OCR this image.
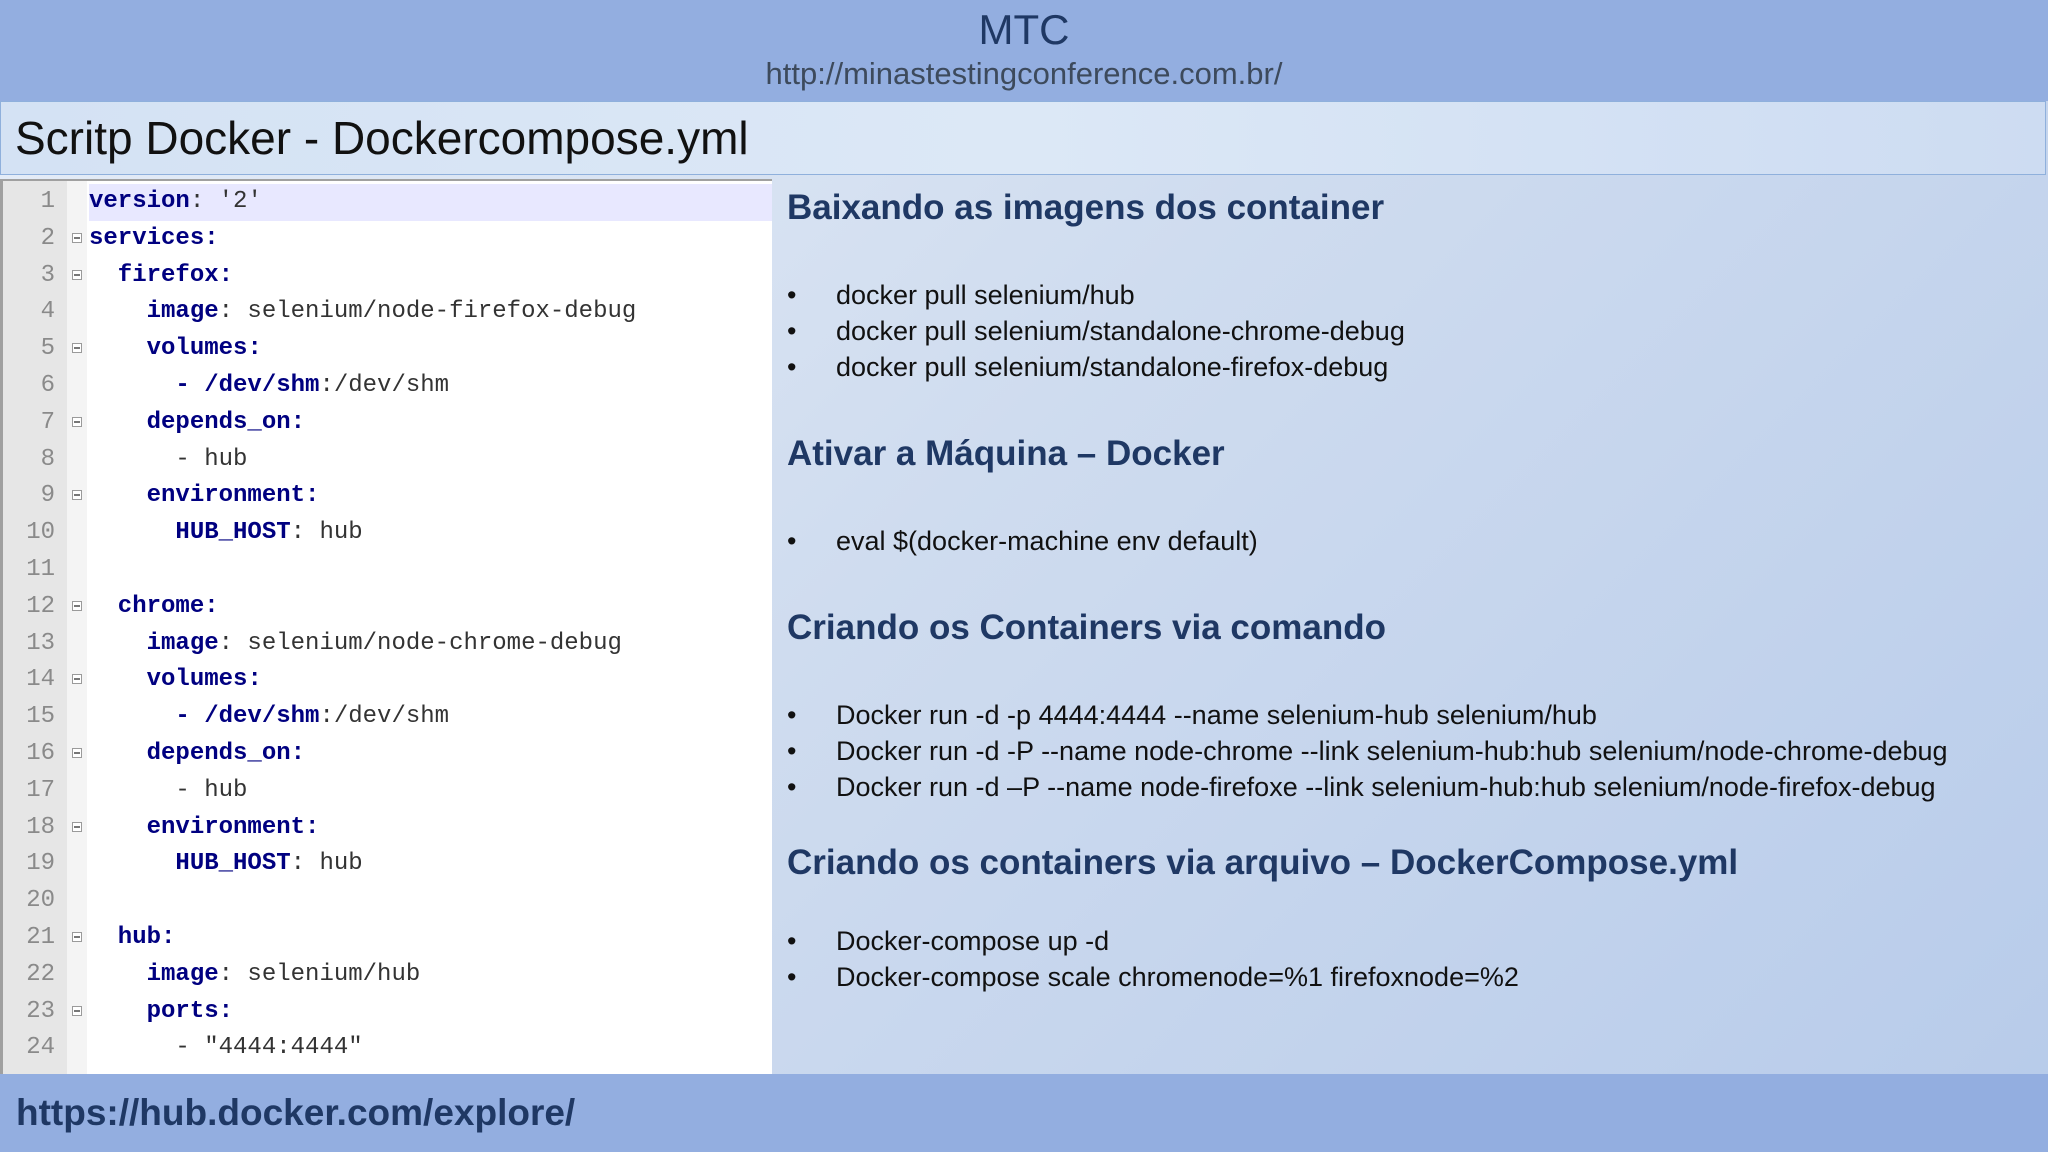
MTC
http://minastestingconference.com.br/
Scritp Docker - Dockercompose.yml
1 version: '2'
2 services:
3 firefox:
4 image: selenium/node-firefox-debug
5 volumes:
6 - /dev/shm:/dev/shm
7 depends_on:
8 - hub
9 environment:
10 HUB_HOST: hub
11
12 chrome:
13 image: selenium/node-chrome-debug
14 volumes:
15 - /dev/shm:/dev/shm
16 depends_on:
17 - hub
18 environment:
19 HUB_HOST: hub
20
21 hub:
22 image: selenium/hub
23 ports:
24 - "4444:4444"
Baixando as imagens dos container
• docker pull selenium/hub
• docker pull selenium/standalone-chrome-debug
• docker pull selenium/standalone-firefox-debug
Ativar a Máquina – Docker
• eval $(docker-machine env default)
Criando os Containers via comando
• Docker run -d -p 4444:4444 --name selenium-hub selenium/hub
• Docker run -d -P --name node-chrome --link selenium-hub:hub selenium/node-chrome-debug
• Docker run -d –P --name node-firefoxe --link selenium-hub:hub selenium/node-firefox-debug
Criando os containers via arquivo – DockerCompose.yml
• Docker-compose up -d
• Docker-compose scale chromenode=%1 firefoxnode=%2
https://hub.docker.com/explore/
